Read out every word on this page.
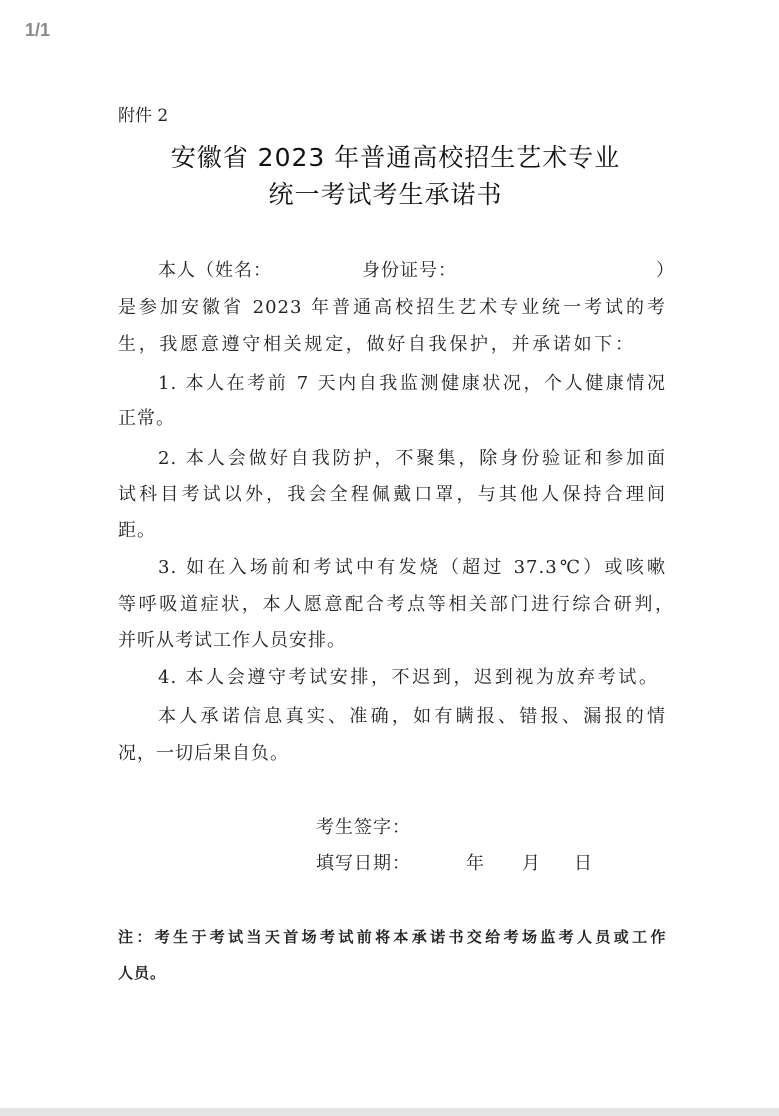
1/1
附件 2
安徽省 2023 年普通高校招生艺术专业
统一考试考生承诺书
本人（姓名：	身份证号：	）
是参加安徽省 2023 年普通高校招生艺术专业统一考试的考
生，我愿意遵守相关规定，做好自我保护，并承诺如下：
1. 本人在考前 7 天内自我监测健康状况，个人健康情况
正常。
2. 本人会做好自我防护，不聚集，除身份验证和参加面
试科目考试以外，我会全程佩戴口罩，与其他人保持合理间
距。
3. 如在入场前和考试中有发烧（超过 37.3℃）或咳嗽
等呼吸道症状，本人愿意配合考点等相关部门进行综合研判，
并听从考试工作人员安排。
4. 本人会遵守考试安排，不迟到，迟到视为放弃考试。
本人承诺信息真实、准确，如有瞒报、错报、漏报的情
况，一切后果自负。
考生签字：
填写日期：	年 月 日
注：考生于考试当天首场考试前将本承诺书交给考场监考人员或工作
人员。
